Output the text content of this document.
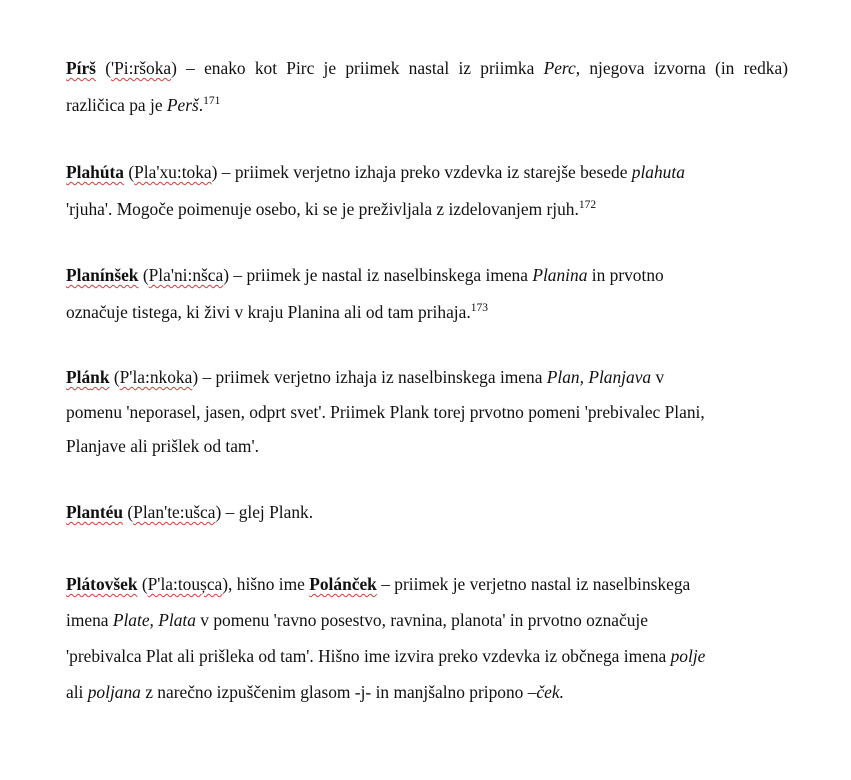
Pírš ('Pi:ršoka) – enako kot Pirc je priimek nastal iz priimka Perc, njegova izvorna (in redka)
različica pa je Perš.$^{171}$

Plahúta (Pla'xu:toka) – priimek verjetno izhaja preko vzdevka iz starejše besede plahuta
'rjuha'. Mogoče poimenuje osebo, ki se je preživljala z izdelovanjem rjuh.$^{172}$

Planínšek (Pla'ni:nšca) – priimek je nastal iz naselbinskega imena Planina in prvotno
označuje tistega, ki živi v kraju Planina ali od tam prihaja.$^{173}$

Plánk (P'la:nkoka) – priimek verjetno izhaja iz naselbinskega imena Plan, Planjava v
pomenu 'neporasel, jasen, odprt svet'. Priimek Plank torej prvotno pomeni 'prebivalec Plani,
Planjave ali prišlek od tam'.

Plantéu (Plan'te:ušca) – glej Plank.

Plátovšek (P'la:toușca), hišno ime Polánček – priimek je verjetno nastal iz naselbinskega
imena Plate, Plata v pomenu 'ravno posestvo, ravnina, planota' in prvotno označuje
'prebivalca Plat ali prišleka od tam'. Hišno ime izvira preko vzdevka iz občnega imena polje
ali poljana z narečno izpuščenim glasom -j- in manjšalno pripono –ček.
